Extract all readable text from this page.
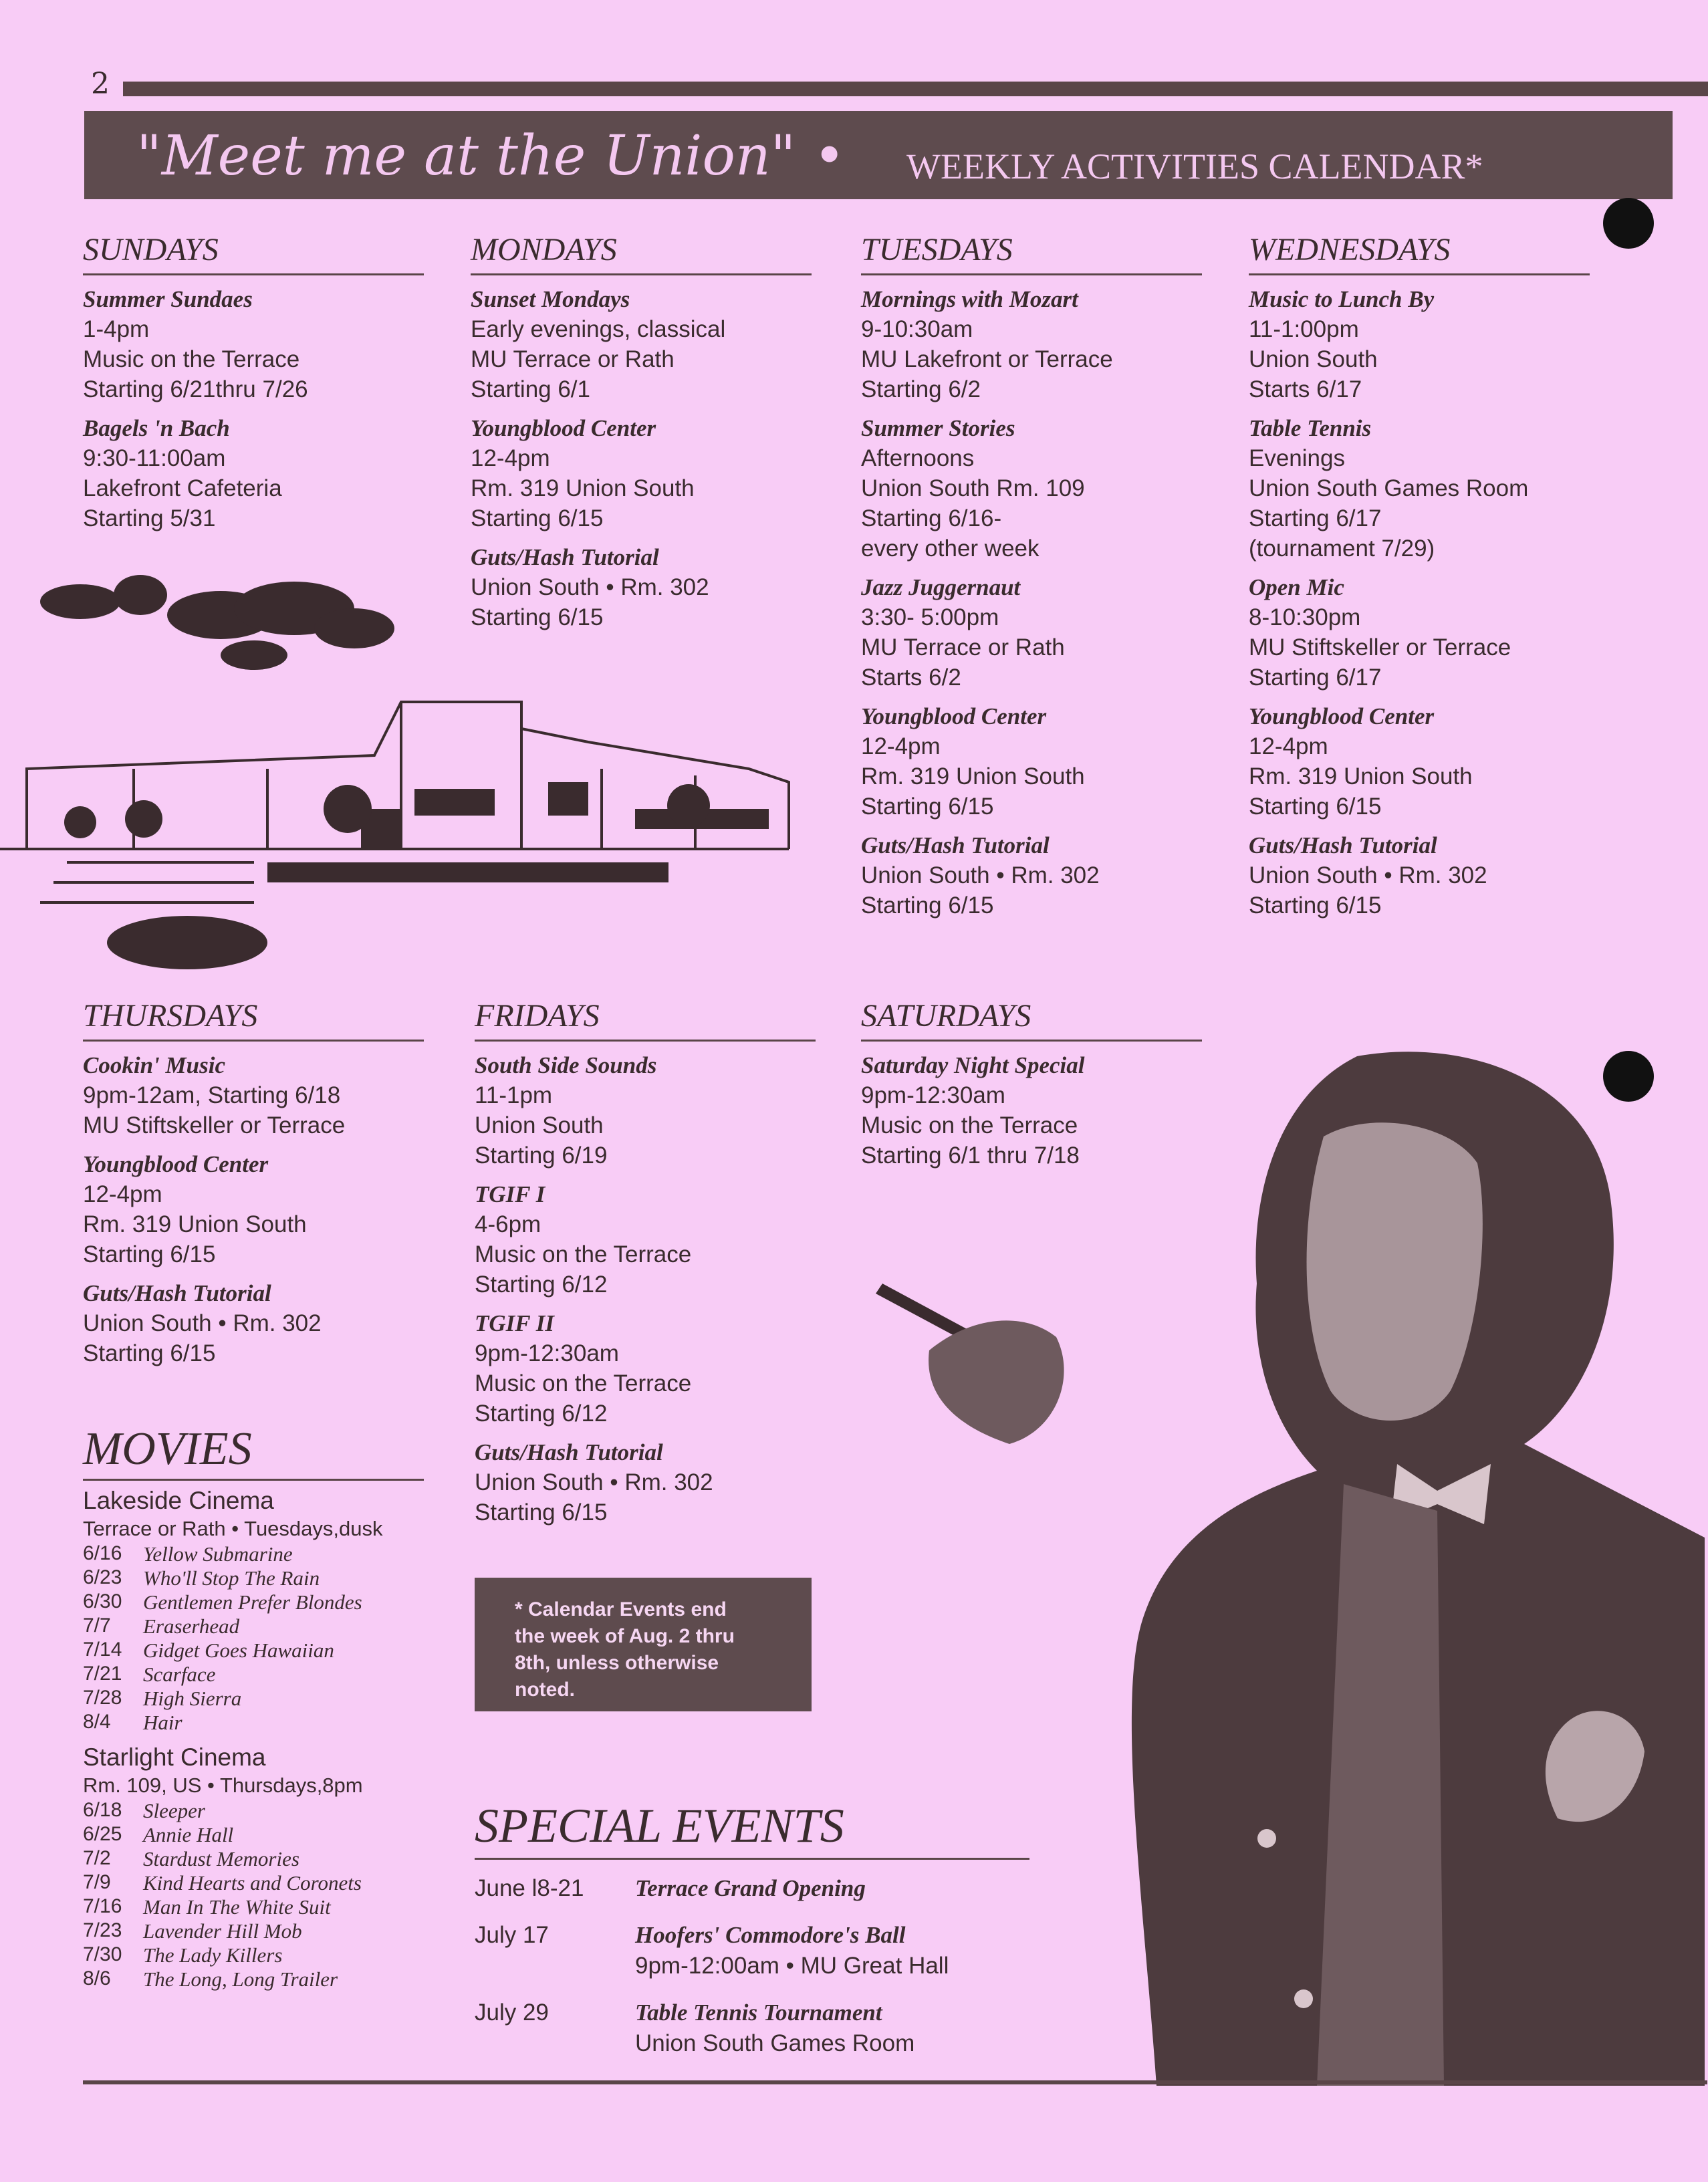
2
"Meet me at the Union" • WEEKLY ACTIVITIES CALENDAR*
SUNDAYS
Summer Sundaes
1-4pm
Music on the Terrace
Starting 6/21thru 7/26
Bagels 'n Bach
9:30-11:00am
Lakefront Cafeteria
Starting 5/31
MONDAYS
Sunset Mondays
Early evenings, classical
MU Terrace or Rath
Starting 6/1
Youngblood Center
12-4pm
Rm. 319 Union South
Starting 6/15
Guts/Hash Tutorial
Union South • Rm. 302
Starting 6/15
TUESDAYS
Mornings with Mozart
9-10:30am
MU Lakefront or Terrace
Starting 6/2
Summer Stories
Afternoons
Union South Rm. 109
Starting 6/16-
every other week
Jazz Juggernaut
3:30- 5:00pm
MU Terrace or Rath
Starts 6/2
Youngblood Center
12-4pm
Rm. 319 Union South
Starting 6/15
Guts/Hash Tutorial
Union South • Rm. 302
Starting 6/15
WEDNESDAYS
Music to Lunch By
11-1:00pm
Union South
Starts 6/17
Table Tennis
Evenings
Union South Games Room
Starting 6/17
(tournament 7/29)
Open Mic
8-10:30pm
MU Stiftskeller or Terrace
Starting 6/17
Youngblood Center
12-4pm
Rm. 319 Union South
Starting 6/15
Guts/Hash Tutorial
Union South • Rm. 302
Starting 6/15
THURSDAYS
Cookin' Music
9pm-12am, Starting 6/18
MU Stiftskeller or Terrace
Youngblood Center
12-4pm
Rm. 319 Union South
Starting 6/15
Guts/Hash Tutorial
Union South • Rm. 302
Starting 6/15
FRIDAYS
South Side Sounds
11-1pm
Union South
Starting 6/19
TGIF I
4-6pm
Music on the Terrace
Starting 6/12
TGIF II
9pm-12:30am
Music on the Terrace
Starting 6/12
Guts/Hash Tutorial
Union South • Rm. 302
Starting 6/15
SATURDAYS
Saturday Night Special
9pm-12:30am
Music on the Terrace
Starting 6/1 thru 7/18
MOVIES
Lakeside Cinema
Terrace or Rath • Tuesdays,dusk
6/16	Yellow Submarine
6/23	Who'll Stop The Rain
6/30	Gentlemen Prefer Blondes
7/7	Eraserhead
7/14	Gidget Goes Hawaiian
7/21	Scarface
7/28	High Sierra
8/4	Hair
Starlight Cinema
Rm. 109, US • Thursdays,8pm
6/18	Sleeper
6/25	Annie Hall
7/2	Stardust Memories
7/9	Kind Hearts and Coronets
7/16	Man In The White Suit
7/23	Lavender Hill Mob
7/30	The Lady Killers
8/6	The Long, Long Trailer
* Calendar Events end
the week of Aug. 2 thru
8th, unless otherwise
noted.
SPECIAL EVENTS
June l8-21	Terrace Grand Opening
July 17	Hoofers' Commodore's Ball
9pm-12:00am • MU Great Hall
July 29	Table Tennis Tournament
Union South Games Room
